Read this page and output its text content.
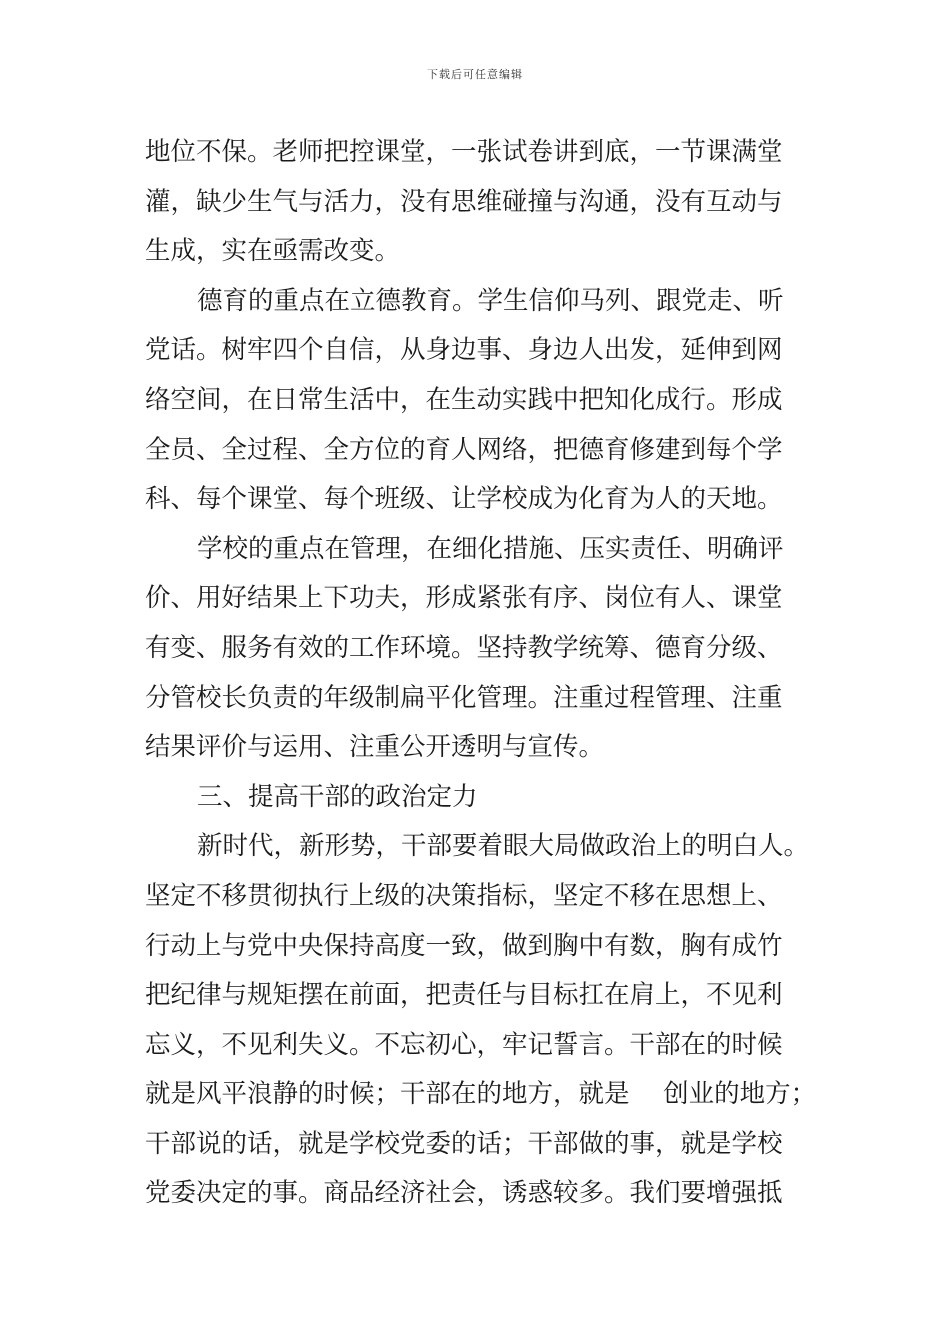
下载后可任意编辑
地位不保。老师把控课堂，一张试卷讲到底，一节课满堂
灌，缺少生气与活力，没有思维碰撞与沟通，没有互动与
生成，实在亟需改变。
德育的重点在立德教育。学生信仰马列、跟党走、听
党话。树牢四个自信，从身边事、身边人出发，延伸到网
络空间，在日常生活中，在生动实践中把知化成行。形成
全员、全过程、全方位的育人网络，把德育修建到每个学
科、每个课堂、每个班级、让学校成为化育为人的天地。
学校的重点在管理，在细化措施、压实责任、明确评
价、用好结果上下功夫，形成紧张有序、岗位有人、课堂
有变、服务有效的工作环境。坚持教学统筹、德育分级、
分管校长负责的年级制扁平化管理。注重过程管理、注重
结果评价与运用、注重公开透明与宣传。
三、提高干部的政治定力
新时代，新形势，干部要着眼大局做政治上的明白人。
坚定不移贯彻执行上级的决策指标，坚定不移在思想上、
行动上与党中央保持高度一致，做到胸中有数，胸有成竹
把纪律与规矩摆在前面，把责任与目标扛在肩上，不见利
忘义，不见利失义。不忘初心，牢记誓言。干部在的时候
就是风平浪静的时候；干部在的地方，就是　 创业的地方；
干部说的话，就是学校党委的话；干部做的事，就是学校
党委决定的事。商品经济社会，诱惑较多。我们要增强抵
